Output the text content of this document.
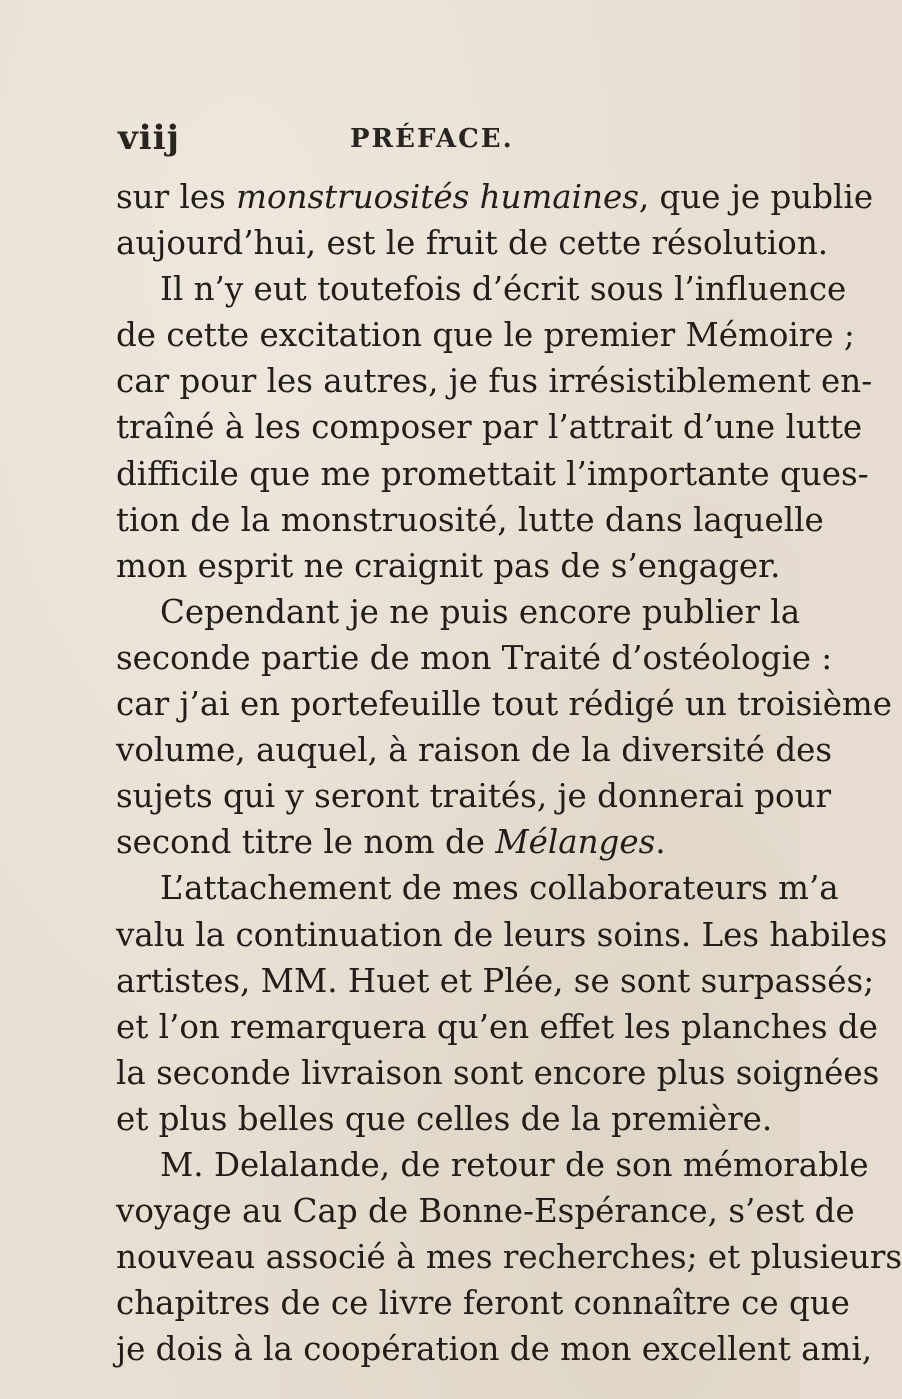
viij	PRÉFACE.
sur les monstruosités humaines, que je publie
aujourd’hui, est le fruit de cette résolution.
Il n’y eut toutefois d’écrit sous l’influence
de cette excitation que le premier Mémoire ;
car pour les autres, je fus irrésistiblement en-
traîné à les composer par l’attrait d’une lutte
difficile que me promettait l’importante ques-
tion de la monstruosité, lutte dans laquelle
mon esprit ne craignit pas de s’engager.
Cependant je ne puis encore publier la
seconde partie de mon Traité d’ostéologie :
car j’ai en portefeuille tout rédigé un troisième
volume, auquel, à raison de la diversité des
sujets qui y seront traités, je donnerai pour
second titre le nom de Mélanges.
L’attachement de mes collaborateurs m’a
valu la continuation de leurs soins. Les habiles
artistes, MM. Huet et Plée, se sont surpassés;
et l’on remarquera qu’en effet les planches de
la seconde livraison sont encore plus soignées
et plus belles que celles de la première.
M. Delalande, de retour de son mémorable
voyage au Cap de Bonne-Espérance, s’est de
nouveau associé à mes recherches; et plusieurs
chapitres de ce livre feront connaître ce que
je dois à la coopération de mon excellent ami,
